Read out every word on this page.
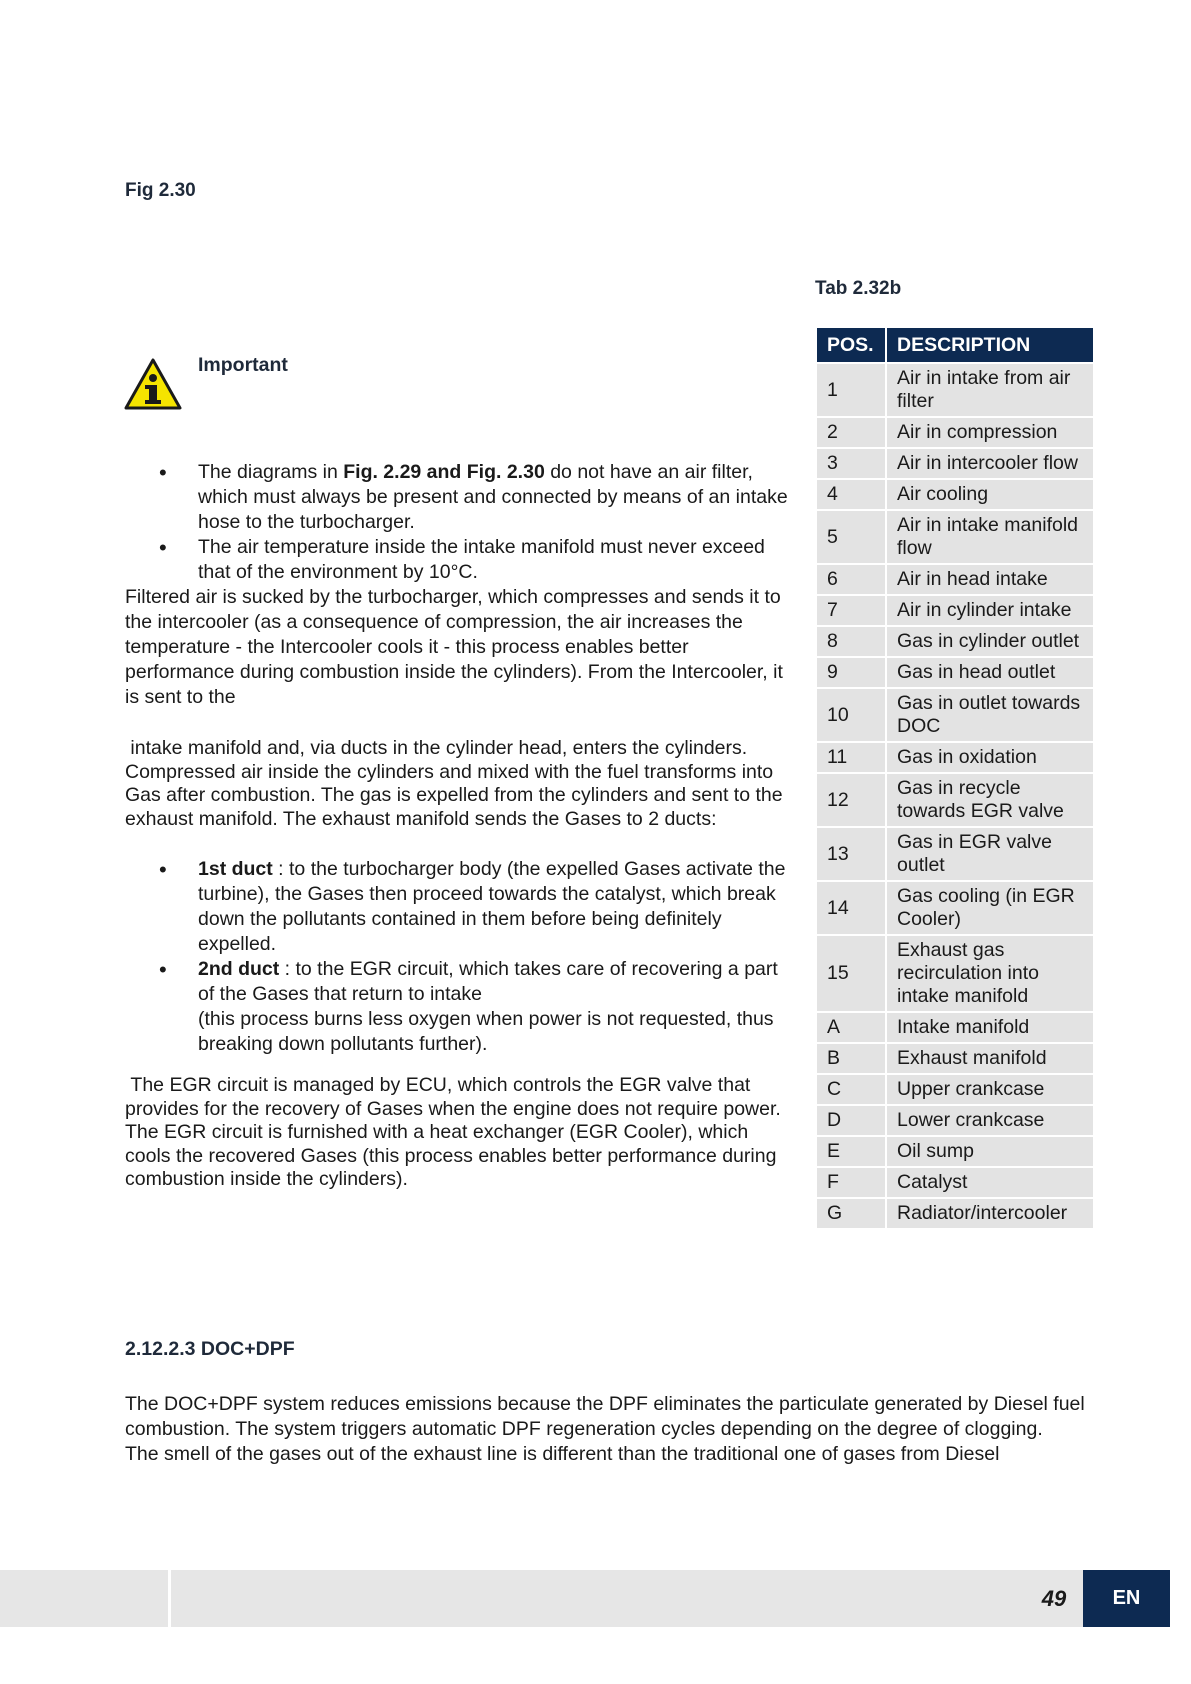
Fig 2.30
Tab 2.32b
Important
• The diagrams in Fig. 2.29 and Fig. 2.30 do not have an air filter, which must always be present and connected by means of an intake hose to the turbocharger.
• The air temperature inside the intake manifold must never exceed that of the environment by 10°C.

Filtered air is sucked by the turbocharger, which compresses and sends it to the intercooler (as a consequence of compression, the air increases the temperature - the Intercooler cools it - this process enables better performance during combustion inside the cylinders). From the Intercooler, it is sent to the

intake manifold and, via ducts in the cylinder head, enters the cylinders. Compressed air inside the cylinders and mixed with the fuel transforms into Gas after combustion. The gas is expelled from the cylinders and sent to the exhaust manifold. The exhaust manifold sends the Gases to 2 ducts:

• 1st duct : to the turbocharger body (the expelled Gases activate the turbine), the Gases then proceed towards the catalyst, which break down the pollutants contained in them before being definitely expelled.
• 2nd duct : to the EGR circuit, which takes care of recovering a part of the Gases that return to intake
(this process burns less oxygen when power is not requested, thus breaking down pollutants further).

The EGR circuit is managed by ECU, which controls the EGR valve that provides for the recovery of Gases when the engine does not require power.

The EGR circuit is furnished with a heat exchanger (EGR Cooler), which cools the recovered Gases (this process enables better performance during combustion inside the cylinders).

POS.	DESCRIPTION
1	Air in intake from air filter
2	Air in compression
3	Air in intercooler flow
4	Air cooling
5	Air in intake manifold flow
6	Air in head intake
7	Air in cylinder intake
8	Gas in cylinder outlet
9	Gas in head outlet
10	Gas in outlet towards DOC
11	Gas in oxidation
12	Gas in recycle towards EGR valve
13	Gas in EGR valve outlet
14	Gas cooling (in EGR Cooler)
15	Exhaust gas recirculation into intake manifold
A	Intake manifold
B	Exhaust manifold
C	Upper crankcase
D	Lower crankcase
E	Oil sump
F	Catalyst
G	Radiator/intercooler
2.12.2.3 DOC+DPF

The DOC+DPF system reduces emissions because the DPF eliminates the particulate generated by Diesel fuel combustion. The system triggers automatic DPF regeneration cycles depending on the degree of clogging.

The smell of the gases out of the exhaust line is different than the traditional one of gases from Diesel

49	EN
